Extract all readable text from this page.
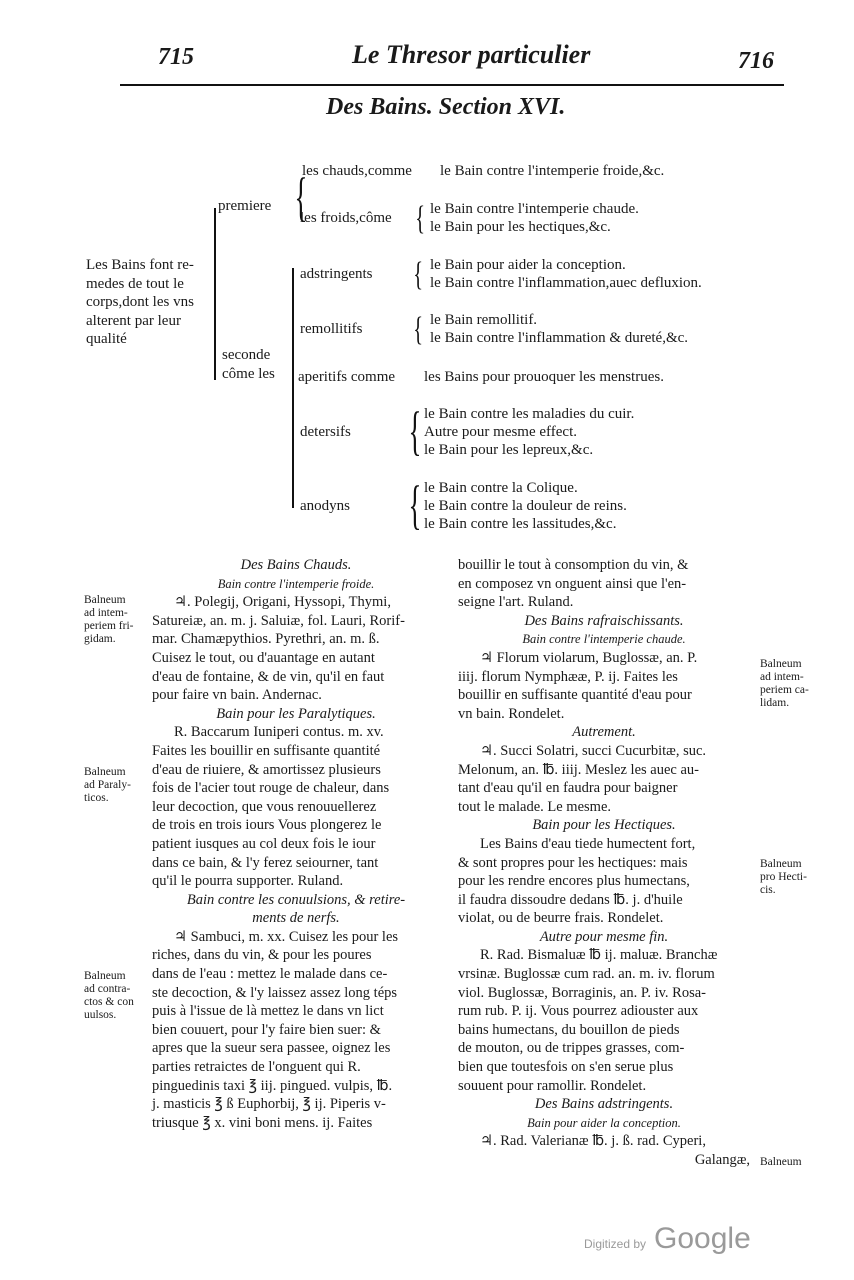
715	Le Thresor particulier	716
Des Bains. Section XVI.
Les Bains font re-
medes de tout le
corps,dont les vns
alterent par leur
qualité
premiere {
seconde
côme les
les chauds,comme le Bain contre l'intemperie froide,&c.
les froids,côme { le Bain contre l'intemperie chaude.
le Bain pour les hectiques,&c.
adstringents { le Bain pour aider la conception.
le Bain contre l'inflammation,auec defluxion.
remollitifs { le Bain remollitif.
le Bain contre l'inflammation & dureté,&c.
aperitifs comme les Bains pour prouoquer les menstrues.
detersifs { le Bain contre les maladies du cuir.
Autre pour mesme effect.
le Bain pour les lepreux,&c.
anodyns { le Bain contre la Colique.
le Bain contre la douleur de reins.
le Bain contre les lassitudes,&c.
Des Bains Chauds.
Bain contre l'intemperie froide.
♃. Polegij, Origani, Hyssopi, Thymi,
Satureiæ, an. m. j. Saluiæ, fol. Lauri, Rorif-
mar. Chamæpythios. Pyrethri, an. m. ß.
Cuisez le tout, ou d'auantage en autant
d'eau de fontaine, & de vin, qu'il en faut
pour faire vn bain. Andernac.
Bain pour les Paralytiques.
R. Baccarum Iuniperi contus. m. xv.
Faites les bouillir en suffisante quantité
d'eau de riuiere, & amortissez plusieurs
fois de l'acier tout rouge de chaleur, dans
leur decoction, que vous renouuellerez
de trois en trois iours Vous plongerez le
patient iusques au col deux fois le iour
dans ce bain, & l'y ferez seiourner, tant
qu'il le pourra supporter. Ruland.
Bain contre les conuulsions, & retire-
ments de nerfs.
♃ Sambuci, m. xx. Cuisez les pour les
riches, dans du vin, & pour les poures
dans de l'eau : mettez le malade dans ce-
ste decoction, & l'y laissez assez long téps
puis à l'issue de là mettez le dans vn lict
bien couuert, pour l'y faire bien suer: &
apres que la sueur sera passee, oignez les
parties retraictes de l'onguent qui R.
pinguedinis taxi ℥ iij. pingued. vulpis, ℔.
j. masticis ℥ ß Euphorbij, ℥ ij. Piperis v-
triusque ℥ x. vini boni mens. ij. Faites
bouillir le tout à consomption du vin, &
en composez vn onguent ainsi que l'en-
seigne l'art. Ruland.
Des Bains rafraischissants.
Bain contre l'intemperie chaude.
♃ Florum violarum, Buglossæ, an. P.
iiij. florum Nymphææ, P. ij. Faites les
bouillir en suffisante quantité d'eau pour
vn bain. Rondelet.
Autrement.
♃. Succi Solatri, succi Cucurbitæ, suc.
Melonum, an. ℔. iiij. Meslez les auec au-
tant d'eau qu'il en faudra pour baigner
tout le malade. Le mesme.
Bain pour les Hectiques.
Les Bains d'eau tiede humectent fort,
& sont propres pour les hectiques: mais
pour les rendre encores plus humectans,
il faudra dissoudre dedans ℔. j. d'huile
violat, ou de beurre frais. Rondelet.
Autre pour mesme fin.
R. Rad. Bismaluæ ℔ ij. maluæ. Branchæ
vrsinæ. Buglossæ cum rad. an. m. iv. florum
viol. Buglossæ, Borraginis, an. P. iv. Rosa-
rum rub. P. ij. Vous pourrez adiouster aux
bains humectans, du bouillon de pieds
de mouton, ou de trippes grasses, com-
bien que toutesfois on s'en serue plus
souuent pour ramollir. Rondelet.
Des Bains adstringents.
Bain pour aider la conception.
♃. Rad. Valerianæ ℔. j. ß. rad. Cyperi,
Galangæ,
Balneum
ad intem-
periem fri-
gidam.
Balneum
ad Paraly-
ticos.
Balneum
ad contra-
ctos & con
uulsos.
Balneum
ad intem-
periem ca-
lidam.
Balneum
pro Hecti-
cis.
Balneum
Digitized by Google
